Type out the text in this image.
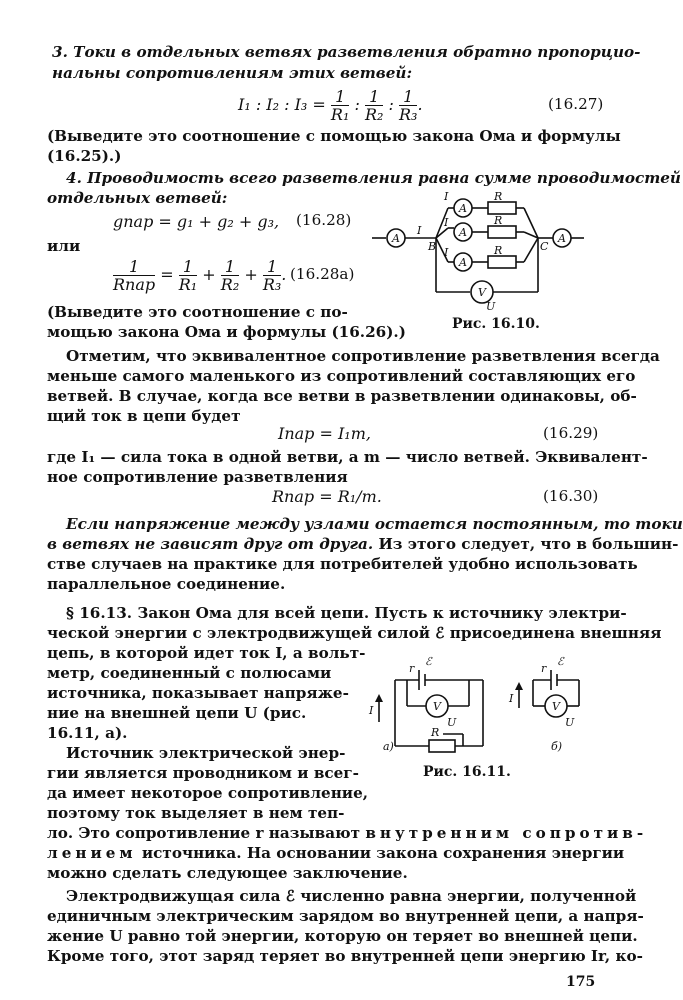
3. Токи в отдельных ветвях разветвления обратно пропорцио-
нальны сопротивлениям этих ветвей:
I₁ : I₂ : $I_3 = \frac{1}{\text{R₁}}$ : $\frac{1}{\text{R₂}}$ : $\frac{1}{\text{R₃}}$ .	(16.27)
(Выведите это соотношение с помощью закона Ома и формулы
(16.25).)
4. Проводимость всего разветвления равна сумме проводимостей
отдельных ветвей:
gпар = g₁ + g₂ + g₃, (16.28)
или
1
Rпар
= $\frac{1}{\text{R₁}} + \frac{1}{\text{R₂}} + \frac{1}{\text{R₃}}$ . (16.28a)
(Выведите это соотношение с по-
мощью закона Ома и формулы (16.26).)
A	A
A
A
A
V
R
R
R
I
I
I
I
B	C
U
Рис. 16.10.
Отметим, что эквивалентное сопротивление разветвления всегда
меньше самого маленького из сопротивлений составляющих его
ветвей. В случае, когда все ветви в разветвлении одинаковы, об-
щий ток в цепи будет
Iпар = I₁m,	(16.29)
где I₁ — сила тока в одной ветви, а m — число ветвей. Эквивалент-
ное сопротивление разветвления
Rпар = R₁/m.	(16.30)
Если напряжение между узлами остается постоянным, то токи
в ветвях не зависят друг от друга. Из этого следует, что в большин-
стве случаев на практике для потребителей удобно использовать
параллельное соединение.
§ 16.13. Закон Ома для всей цепи. Пусть к источнику электри-
ческой энергии с электродвижущей силой ℰ присоединена внешняя
цепь, в которой идет ток I, а вольт-
метр, соединенный с полюсами
источника, показывает напряже-
ние на внешней цепи U (рис.
16.11, а).
Источник электрической энер-
гии является проводником и всег-
да имеет некоторое сопротивление,
поэтому ток выделяет в нем теп-
ло. Это сопротивление r называют внутренним сопротив-
лением источника. На основании закона сохранения энергии
можно сделать следующее заключение.
V	V
ℰ	ℰ
r	r
U	U
R
I
I
a)	б)
Рис. 16.11.
Электродвижущая сила ℰ численно равна энергии, полученной
единичным электрическим зарядом во внутренней цепи, а напря-
жение U равно той энергии, которую он теряет во внешней цепи.
Кроме того, этот заряд теряет во внутренней цепи энергию Ir, ко-
175
